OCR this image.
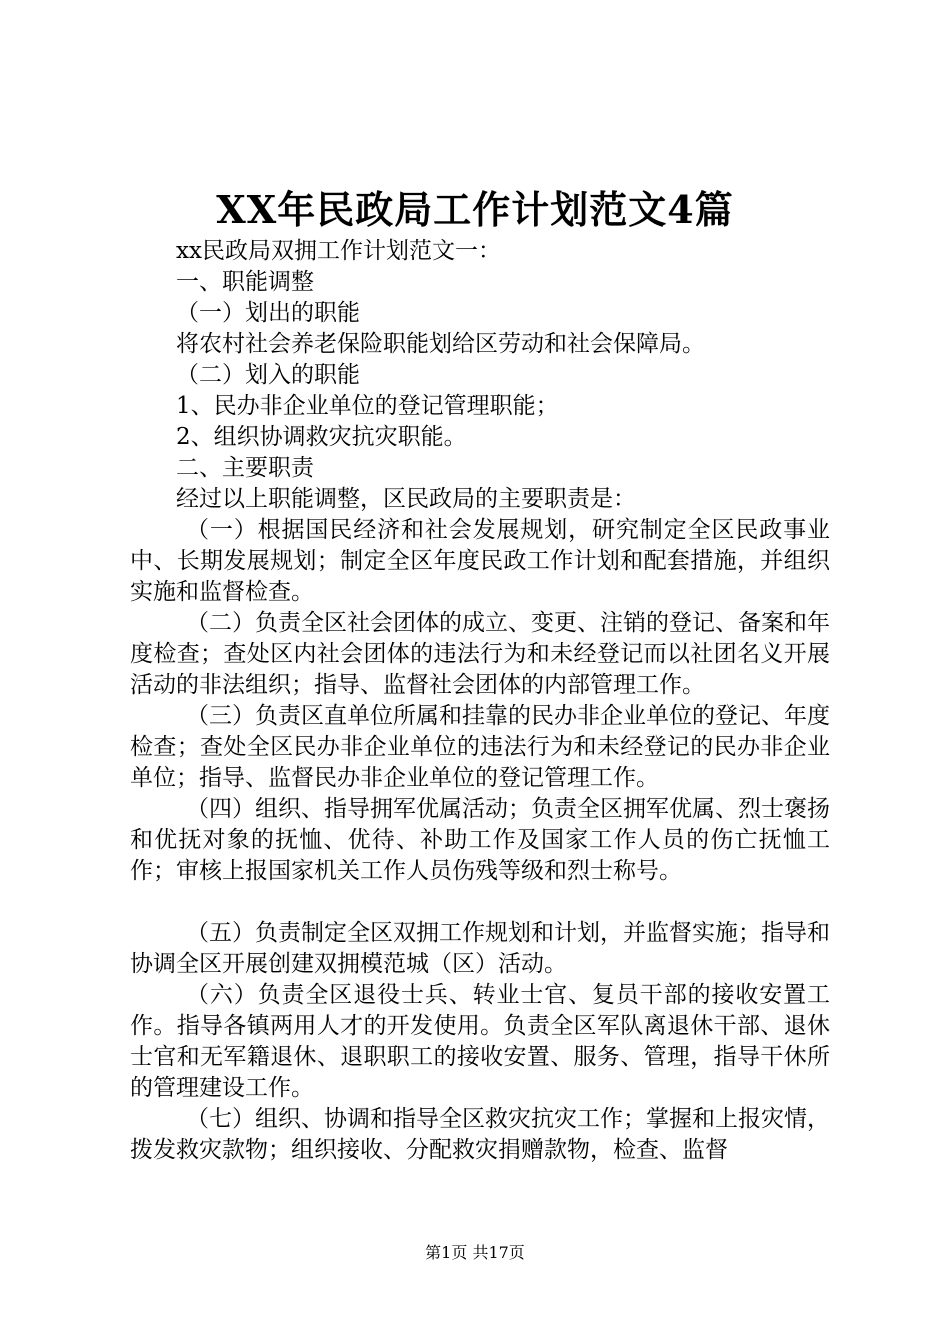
XX年民政局工作计划范文4篇

xx民政局双拥工作计划范文一：

一、职能调整

（一）划出的职能

将农村社会养老保险职能划给区劳动和社会保障局。

（二）划入的职能

1、民办非企业单位的登记管理职能；

2、组织协调救灾抗灾职能。

二、主要职责

经过以上职能调整，区民政局的主要职责是：

（一）根据国民经济和社会发展规划，研究制定全区民政事业中、长期发展规划；制定全区年度民政工作计划和配套措施，并组织实施和监督检查。

（二）负责全区社会团体的成立、变更、注销的登记、备案和年度检查；查处区内社会团体的违法行为和未经登记而以社团名义开展活动的非法组织；指导、监督社会团体的内部管理工作。

（三）负责区直单位所属和挂靠的民办非企业单位的登记、年度检查；查处全区民办非企业单位的违法行为和未经登记的民办非企业单位；指导、监督民办非企业单位的登记管理工作。

（四）组织、指导拥军优属活动；负责全区拥军优属、烈士褒扬和优抚对象的抚恤、优待、补助工作及国家工作人员的伤亡抚恤工作；审核上报国家机关工作人员伤残等级和烈士称号。

（五）负责制定全区双拥工作规划和计划，并监督实施；指导和协调全区开展创建双拥模范城（区）活动。

（六）负责全区退役士兵、转业士官、复员干部的接收安置工作。指导各镇两用人才的开发使用。负责全区军队离退休干部、退休士官和无军籍退休、退职职工的接收安置、服务、管理，指导干休所的管理建设工作。

（七）组织、协调和指导全区救灾抗灾工作；掌握和上报灾情，拨发救灾款物；组织接收、分配救灾捐赠款物，检查、监督

第1页 共17页
